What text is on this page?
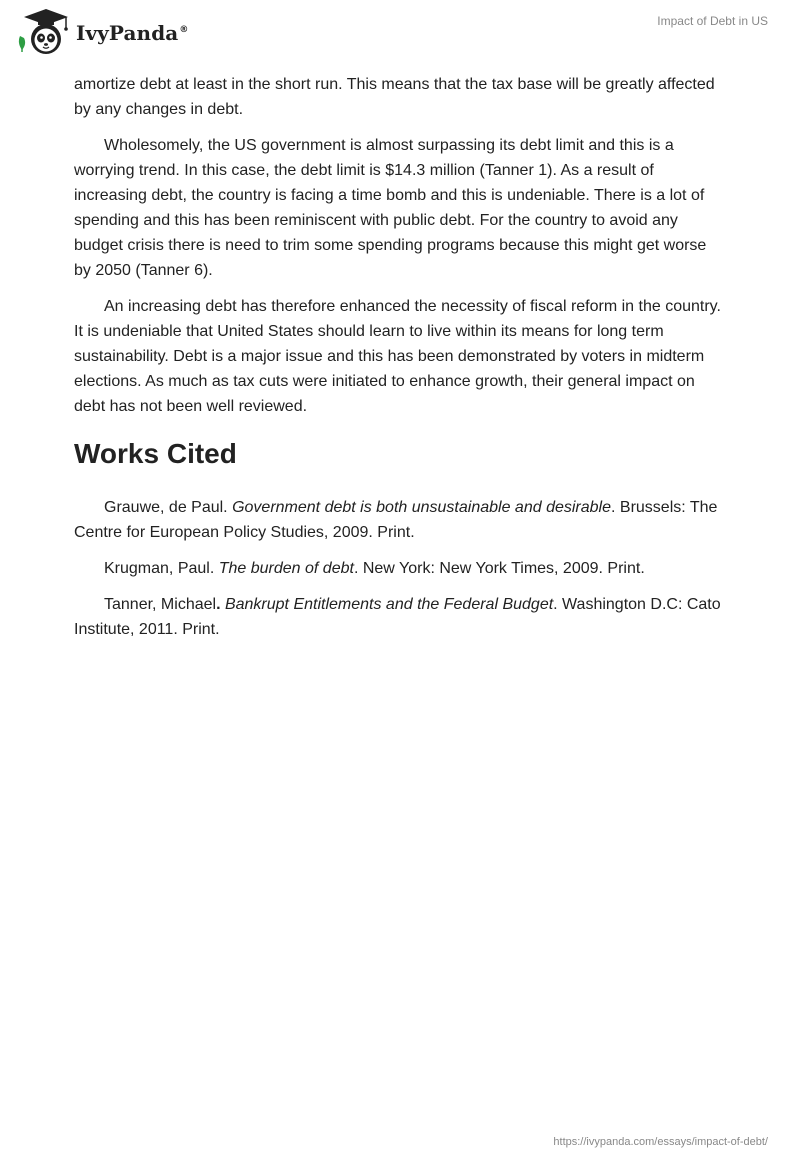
IvyPanda®
Impact of Debt in US

amortize debt at least in the short run. This means that the tax base will be greatly affected by any changes in debt.

Wholesomely, the US government is almost surpassing its debt limit and this is a worrying trend. In this case, the debt limit is $14.3 million (Tanner 1). As a result of increasing debt, the country is facing a time bomb and this is undeniable. There is a lot of spending and this has been reminiscent with public debt. For the country to avoid any budget crisis there is need to trim some spending programs because this might get worse by 2050 (Tanner 6).

An increasing debt has therefore enhanced the necessity of fiscal reform in the country. It is undeniable that United States should learn to live within its means for long term sustainability. Debt is a major issue and this has been demonstrated by voters in midterm elections. As much as tax cuts were initiated to enhance growth, their general impact on debt has not been well reviewed.

Works Cited

Grauwe, de Paul. Government debt is both unsustainable and desirable. Brussels: The Centre for European Policy Studies, 2009. Print.

Krugman, Paul. The burden of debt. New York: New York Times, 2009. Print.

Tanner, Michael. Bankrupt Entitlements and the Federal Budget. Washington D.C: Cato Institute, 2011. Print.

https://ivypanda.com/essays/impact-of-debt/
